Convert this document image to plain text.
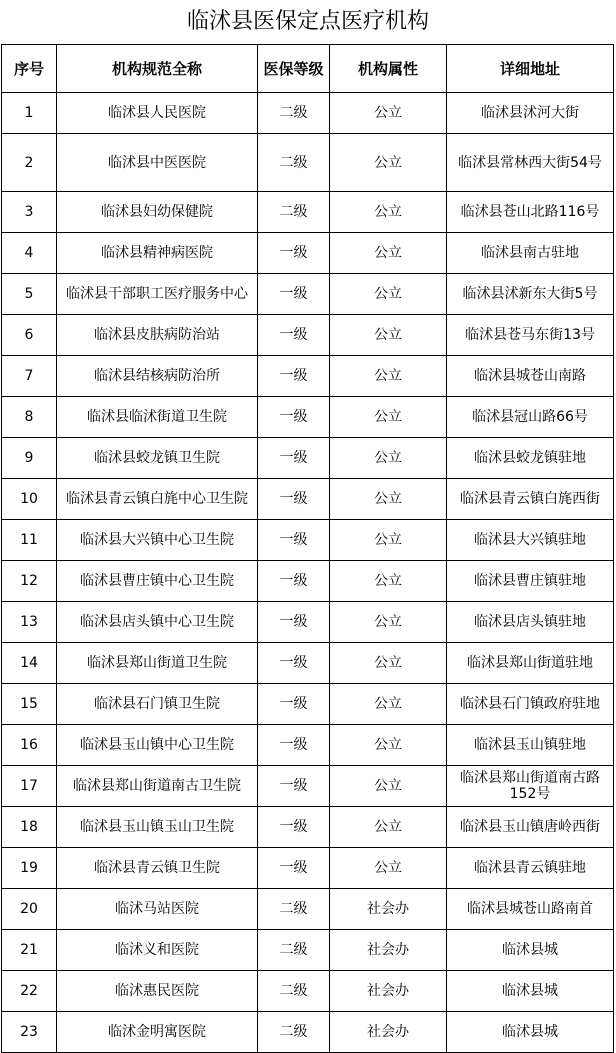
临沭县医保定点医疗机构
序号	机构规范全称	医保等级	机构属性	详细地址
1	临沭县人民医院	二级	公立	临沭县沭河大街
2	临沭县中医医院	二级	公立	临沭县常林西大街54号
3	临沭县妇幼保健院	二级	公立	临沭县苍山北路116号
4	临沭县精神病医院	一级	公立	临沭县南古驻地
5	临沭县干部职工医疗服务中心	一级	公立	临沭县沭新东大街5号
6	临沭县皮肤病防治站	一级	公立	临沭县苍马东街13号
7	临沭县结核病防治所	一级	公立	临沭县城苍山南路
8	临沭县临沭街道卫生院	一级	公立	临沭县冠山路66号
9	临沭县蛟龙镇卫生院	一级	公立	临沭县蛟龙镇驻地
10	临沭县青云镇白旄中心卫生院	一级	公立	临沭县青云镇白旄西街
11	临沭县大兴镇中心卫生院	一级	公立	临沭县大兴镇驻地
12	临沭县曹庄镇中心卫生院	一级	公立	临沭县曹庄镇驻地
13	临沭县店头镇中心卫生院	一级	公立	临沭县店头镇驻地
14	临沭县郑山街道卫生院	一级	公立	临沭县郑山街道驻地
15	临沭县石门镇卫生院	一级	公立	临沭县石门镇政府驻地
16	临沭县玉山镇中心卫生院	一级	公立	临沭县玉山镇驻地
17	临沭县郑山街道南古卫生院	一级	公立	临沭县郑山街道南古路152号
18	临沭县玉山镇玉山卫生院	一级	公立	临沭县玉山镇唐岭西街
19	临沭县青云镇卫生院	一级	公立	临沭县青云镇驻地
20	临沭马站医院	二级	社会办	临沭县城苍山路南首
21	临沭义和医院	二级	社会办	临沭县城
22	临沭惠民医院	二级	社会办	临沭县城
23	临沭金明寓医院	二级	社会办	临沭县城
